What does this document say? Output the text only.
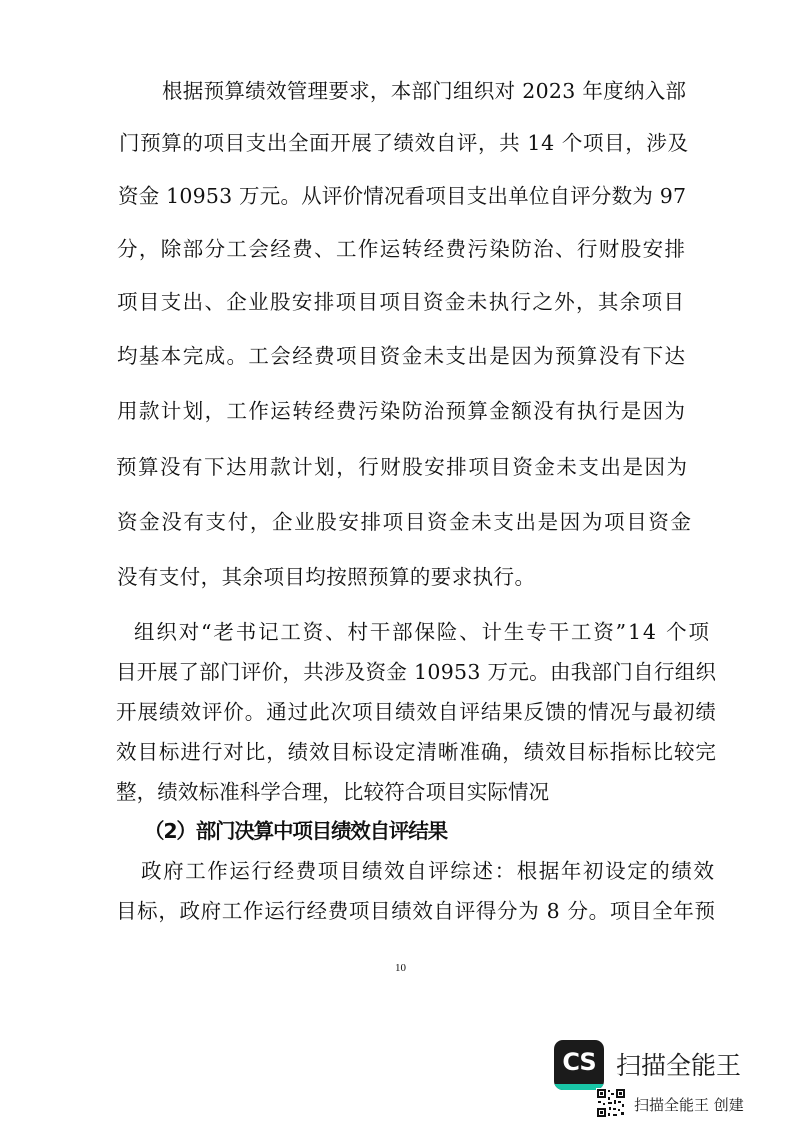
根据预算绩效管理要求，本部门组织对 2023 年度纳入部
门预算的项目支出全面开展了绩效自评，共 14 个项目，涉及
资金 10953 万元。从评价情况看项目支出单位自评分数为 97
分，除部分工会经费、工作运转经费污染防治、行财股安排
项目支出、企业股安排项目项目资金未执行之外，其余项目
均基本完成。工会经费项目资金未支出是因为预算没有下达
用款计划，工作运转经费污染防治预算金额没有执行是因为
预算没有下达用款计划，行财股安排项目资金未支出是因为
资金没有支付，企业股安排项目资金未支出是因为项目资金
没有支付，其余项目均按照预算的要求执行。
组织对“老书记工资、村干部保险、计生专干工资”14 个项
目开展了部门评价，共涉及资金 10953 万元。由我部门自行组织
开展绩效评价。通过此次项目绩效自评结果反馈的情况与最初绩
效目标进行对比，绩效目标设定清晰准确，绩效目标指标比较完
整，绩效标准科学合理，比较符合项目实际情况
（2）部门决算中项目绩效自评结果
政府工作运行经费项目绩效自评综述：根据年初设定的绩效
目标，政府工作运行经费项目绩效自评得分为 8 分。项目全年预
10
CS 扫描全能王
扫描全能王 创建
